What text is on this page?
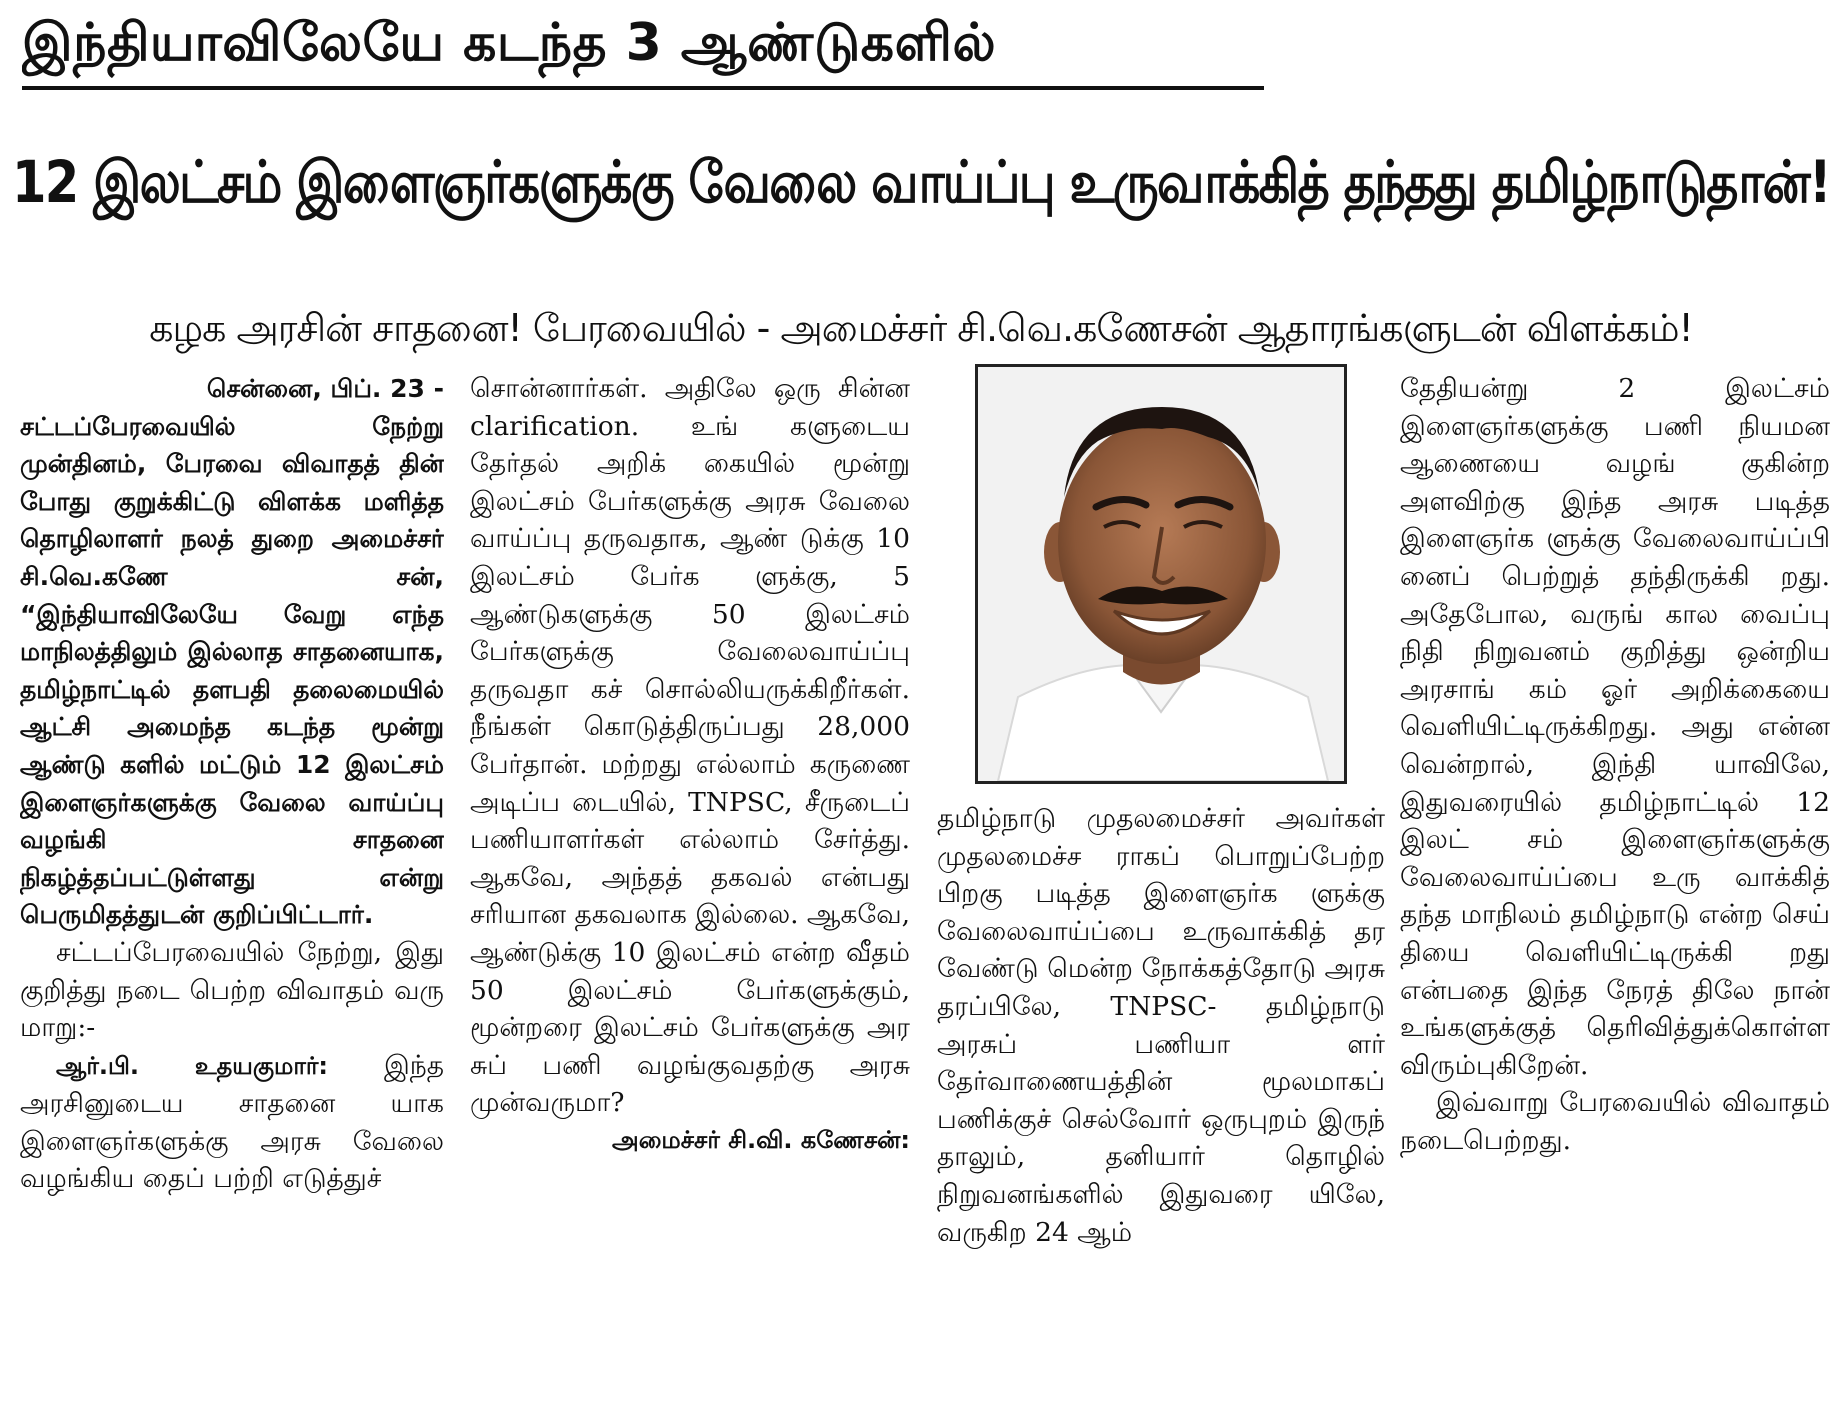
இந்தியாவிலேயே கடந்த 3 ஆண்டுகளில்
12 இலட்சம் இளைஞர்களுக்கு வேலை வாய்ப்பு உருவாக்கித் தந்தது தமிழ்நாடுதான்!
கழக அரசின் சாதனை! பேரவையில் - அமைச்சர் சி.வெ.கணேசன் ஆதாரங்களுடன் விளக்கம்!

சென்னை, பிப். 23 -

சட்டப்பேரவையில் நேற்று முன்தினம், பேரவை விவாதத் தின் போது குறுக்கிட்டு விளக்க மளித்த தொழிலாளர் நலத் துறை அமைச்சர் சி.வெ.கணே சன், “இந்தியாவிலேயே வேறு எந்த மாநிலத்திலும் இல்லாத சாதனையாக, தமிழ்நாட்டில் தளபதி தலைமையில் ஆட்சி அமைந்த கடந்த மூன்று ஆண்டு களில் மட்டும் 12 இலட்சம் இளைஞர்களுக்கு வேலை வாய்ப்பு வழங்கி சாதனை நிகழ்த்தப்பட்டுள்ளது என்று பெருமிதத்துடன் குறிப்பிட்டார்.

சட்டப்பேரவையில் நேற்று, இது குறித்து நடை பெற்ற விவாதம் வரு மாறு:-

ஆர்.பி. உதயகுமார்: இந்த அரசினுடைய சாதனை யாக இளைஞர்களுக்கு அரசு வேலை வழங்கிய தைப் பற்றி எடுத்துச்

சொன்னார்கள். அதிலே ஒரு சின்ன clarification. உங் களுடைய தேர்தல் அறிக் கையில் மூன்று இலட்சம் பேர்களுக்கு அரசு வேலை வாய்ப்பு தருவதாக, ஆண் டுக்கு 10 இலட்சம் பேர்க ளுக்கு, 5 ஆண்டுகளுக்கு 50 இலட்சம் பேர்களுக்கு வேலைவாய்ப்பு தருவதா கச் சொல்லியருக்கிறீர்கள். நீங்கள் கொடுத்திருப்பது 28,000 பேர்தான். மற்றது எல்லாம் கருணை அடிப்ப டையில், TNPSC, சீருடைப் பணியாளர்கள் எல்லாம் சேர்த்து. ஆகவே, அந்தத் தகவல் என்பது சரியான தகவலாக இல்லை. ஆகவே, ஆண்டுக்கு 10 இலட்சம் என்ற வீதம் 50 இலட்சம் பேர்களுக்கும், மூன்றரை இலட்சம் பேர்களுக்கு அர சுப் பணி வழங்குவதற்கு அரசு முன்வருமா?

அமைச்சர் சி.வி. கணேசன்:

தமிழ்நாடு முதலமைச்சர் அவர்கள் முதலமைச்ச ராகப் பொறுப்பேற்ற பிறகு படித்த இளைஞர்க ளுக்கு வேலைவாய்ப்பை உருவாக்கித் தர வேண்டு மென்ற நோக்கத்தோடு அரசு தரப்பிலே, TNPSC- தமிழ்நாடு அரசுப் பணியா ளர் தேர்வாணையத்தின் மூலமாகப் பணிக்குச் செல்வோர் ஒருபுறம் இருந் தாலும், தனியார் தொழில் நிறுவனங்களில் இதுவரை யிலே, வருகிற 24 ஆம்

தேதியன்று 2 இலட்சம் இளைஞர்களுக்கு பணி நியமன ஆணையை வழங் குகின்ற அளவிற்கு இந்த அரசு படித்த இளைஞர்க ளுக்கு வேலைவாய்ப்பி னைப் பெற்றுத் தந்திருக்கி றது. அதேபோல, வருங் கால வைப்பு நிதி நிறுவனம் குறித்து ஒன்றிய அரசாங் கம் ஓர் அறிக்கையை வெளியிட்டிருக்கிறது. அது என்ன வென்றால், இந்தி யாவிலே, இதுவரையில் தமிழ்நாட்டில் 12 இலட் சம் இளைஞர்களுக்கு வேலைவாய்ப்பை உரு வாக்கித் தந்த மாநிலம் தமிழ்நாடு என்ற செய் தியை வெளியிட்டிருக்கி றது என்பதை இந்த நேரத் திலே நான் உங்களுக்குத் தெரிவித்துக்கொள்ள விரும்புகிறேன்.

இவ்வாறு பேரவையில் விவாதம் நடைபெற்றது.
